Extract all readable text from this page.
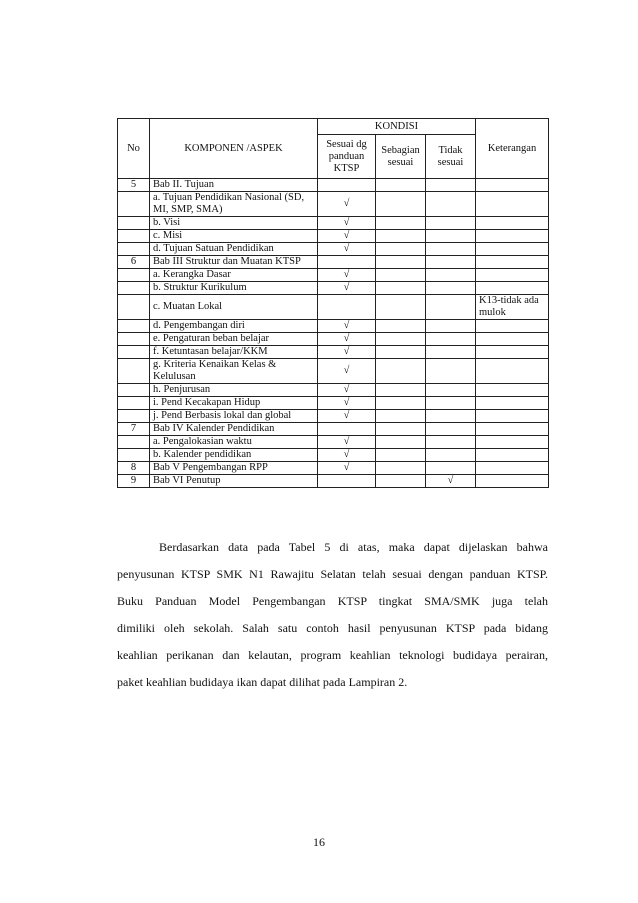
No	KOMPONEN /ASPEK	KONDISI			Keterangan
		Sesuai dg panduan KTSP	Sebagian sesuai	Tidak sesuai	
5	Bab II. Tujuan				
	a. Tujuan Pendidikan Nasional (SD, MI, SMP, SMA)	√			
	b. Visi	√			
	c. Misi	√			
	d. Tujuan Satuan Pendidikan	√			
6	Bab III Struktur dan Muatan KTSP				
	a. Kerangka Dasar	√			
	b. Struktur Kurikulum	√			
	c. Muatan Lokal				K13-tidak ada mulok
	d. Pengembangan diri	√			
	e. Pengaturan beban belajar	√			
	f. Ketuntasan belajar/KKM	√			
	g. Kriteria Kenaikan Kelas & Kelulusan	√			
	h. Penjurusan	√			
	i. Pend Kecakapan Hidup	√			
	j. Pend Berbasis lokal dan global	√			
7	Bab IV Kalender Pendidikan				
	a. Pengalokasian waktu	√			
	b. Kalender pendidikan	√			
8	Bab V Pengembangan RPP	√			
9	Bab VI Penutup			√	
Berdasarkan data pada Tabel 5 di atas, maka dapat dijelaskan bahwa
penyusunan KTSP SMK N1 Rawajitu Selatan telah sesuai dengan panduan KTSP.
Buku Panduan Model Pengembangan KTSP tingkat SMA/SMK juga telah
dimiliki oleh sekolah. Salah satu contoh hasil penyusunan KTSP pada bidang
keahlian perikanan dan kelautan, program keahlian teknologi budidaya perairan,
paket keahlian budidaya ikan dapat dilihat pada Lampiran 2.
16
